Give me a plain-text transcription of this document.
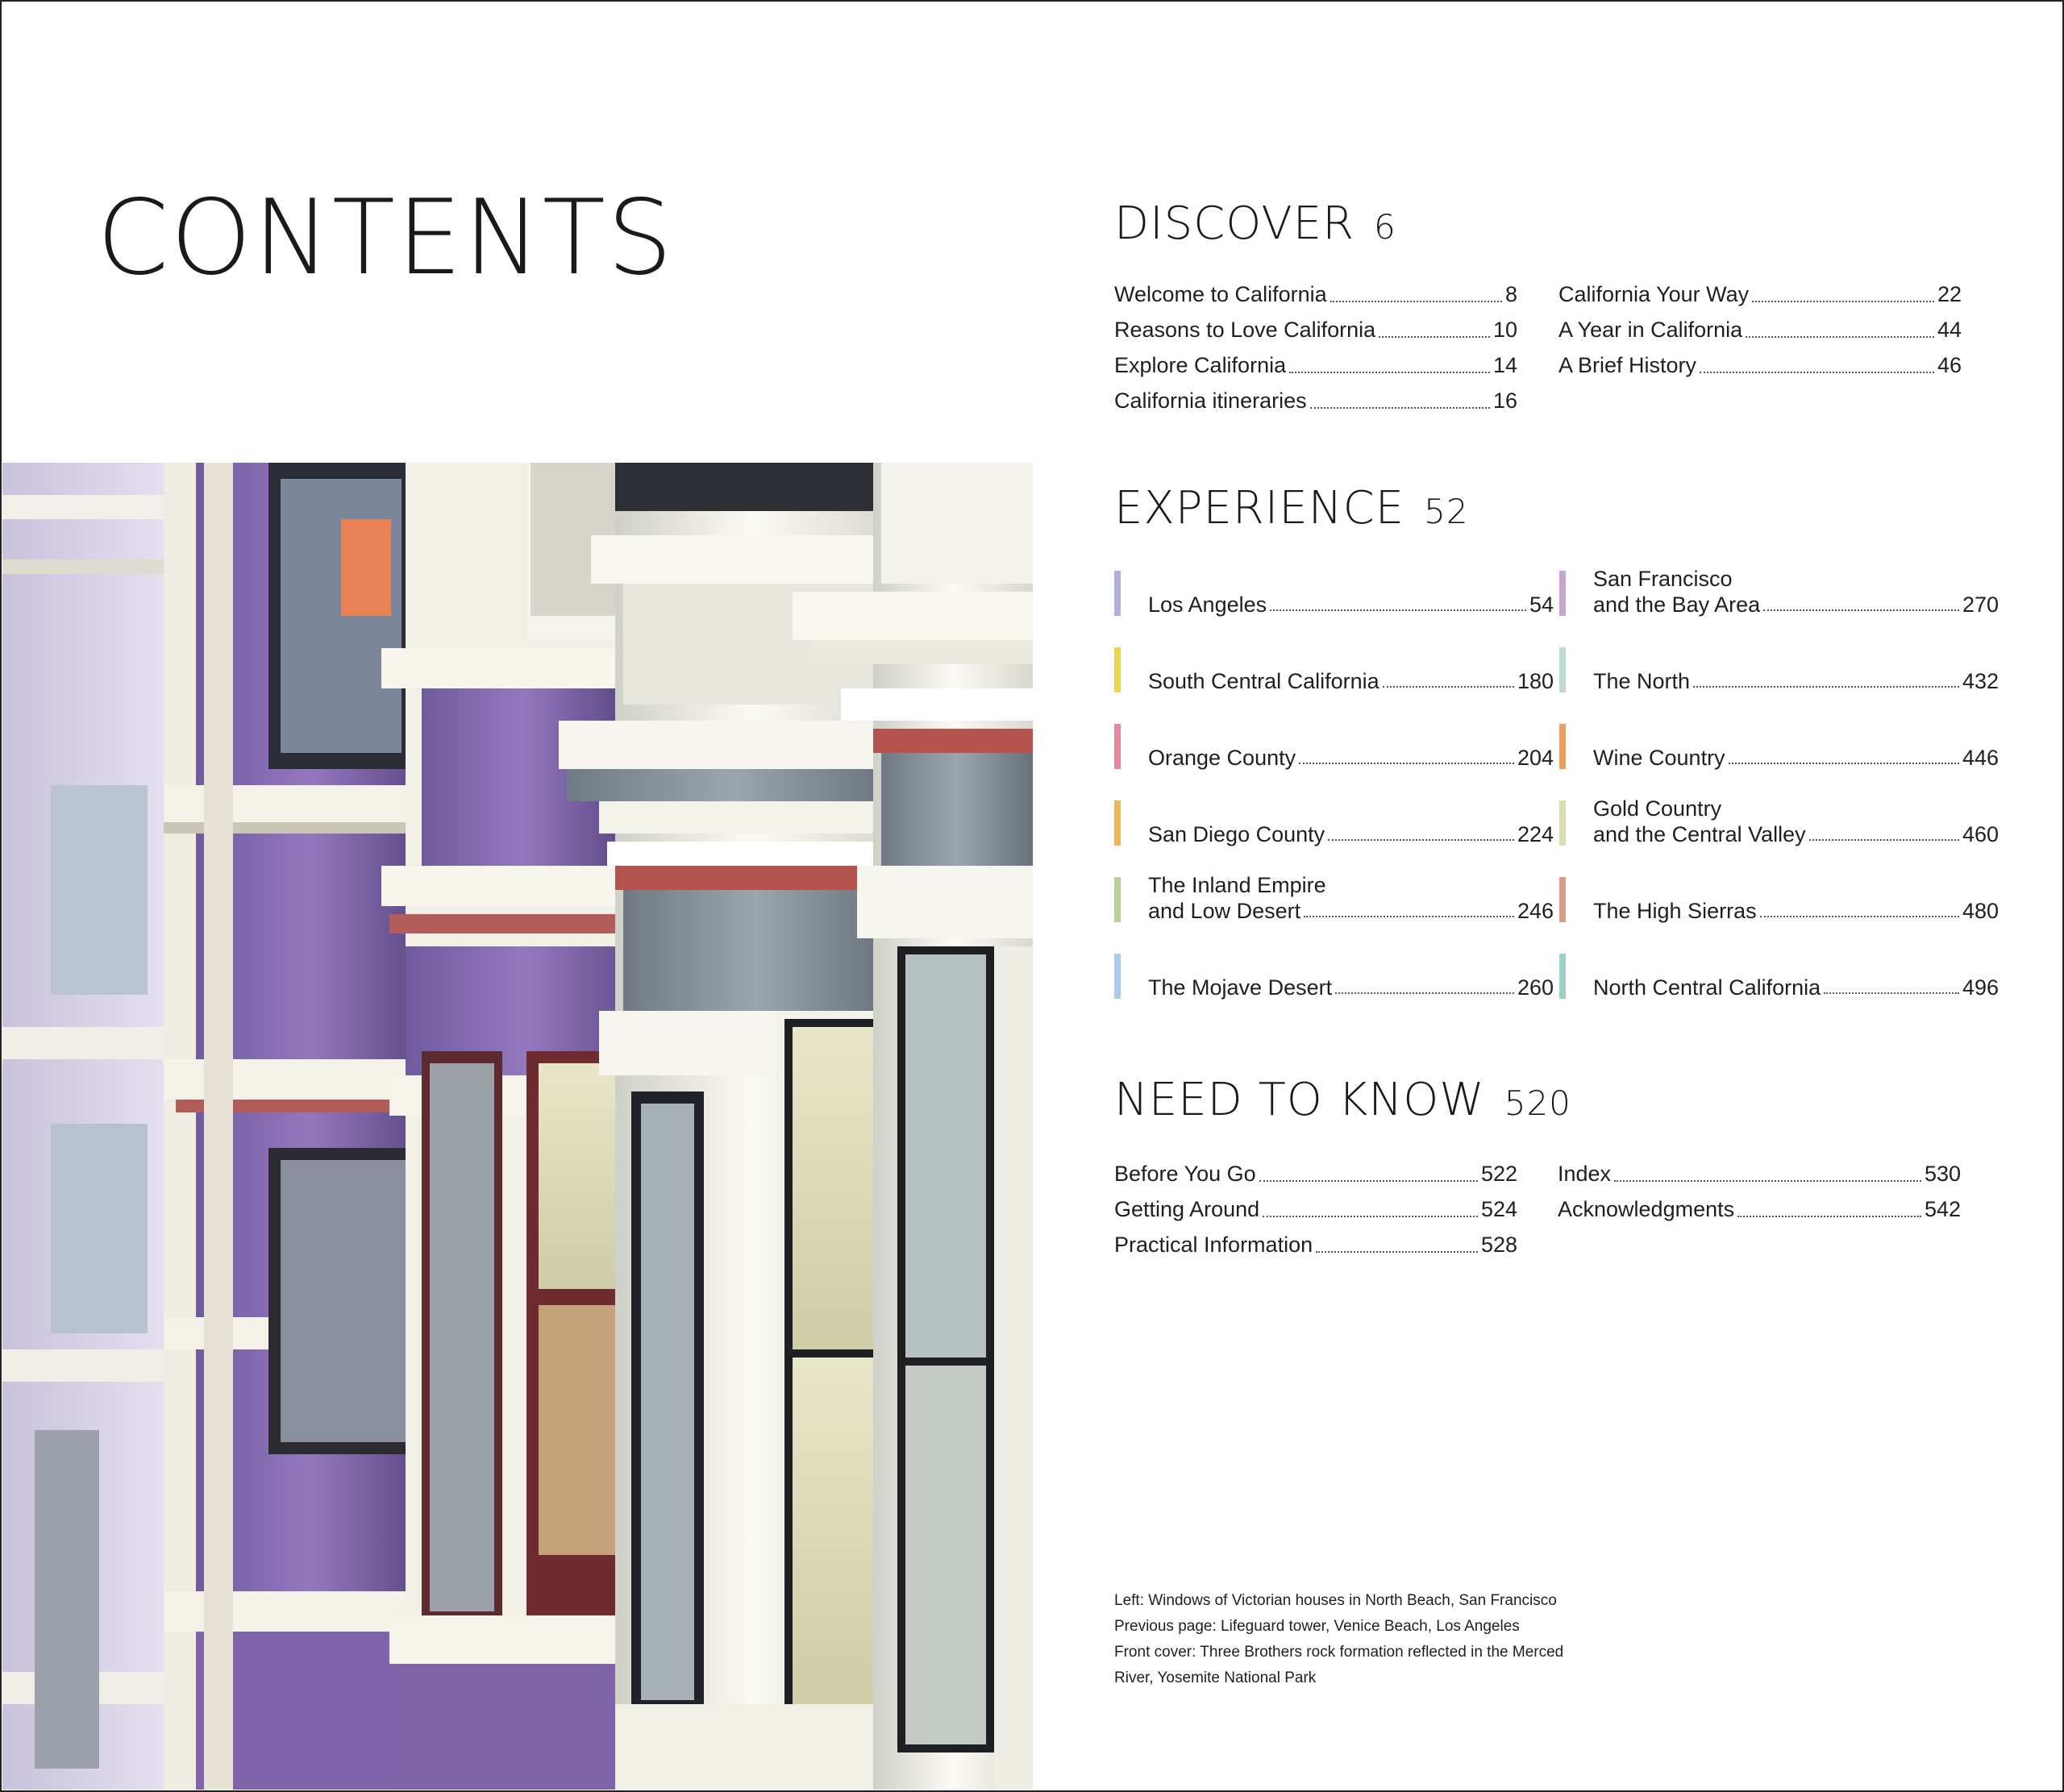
CONTENTS	DISCOVER 6
Welcome to California	8
Reasons to Love California	10
Explore California	14
California itineraries	16
California Your Way	22
A Year in California	44
A Brief History	46
EXPERIENCE 52
Los Angeles	54
South Central California	180
Orange County	204
San Diego County	224
The Inland Empire
and Low Desert	246
The Mojave Desert	260
San Francisco
and the Bay Area	270
The North	432
Wine Country	446
Gold Country
and the Central Valley	460
The High Sierras	480
North Central California	496
NEED TO KNOW 520
Before You Go	522
Getting Around	524
Practical Information	528
Index	530
Acknowledgments	542
Left: Windows of Victorian houses in North Beach, San Francisco
Previous page: Lifeguard tower, Venice Beach, Los Angeles
Front cover: Three Brothers rock formation reflected in the Merced
River, Yosemite National Park
